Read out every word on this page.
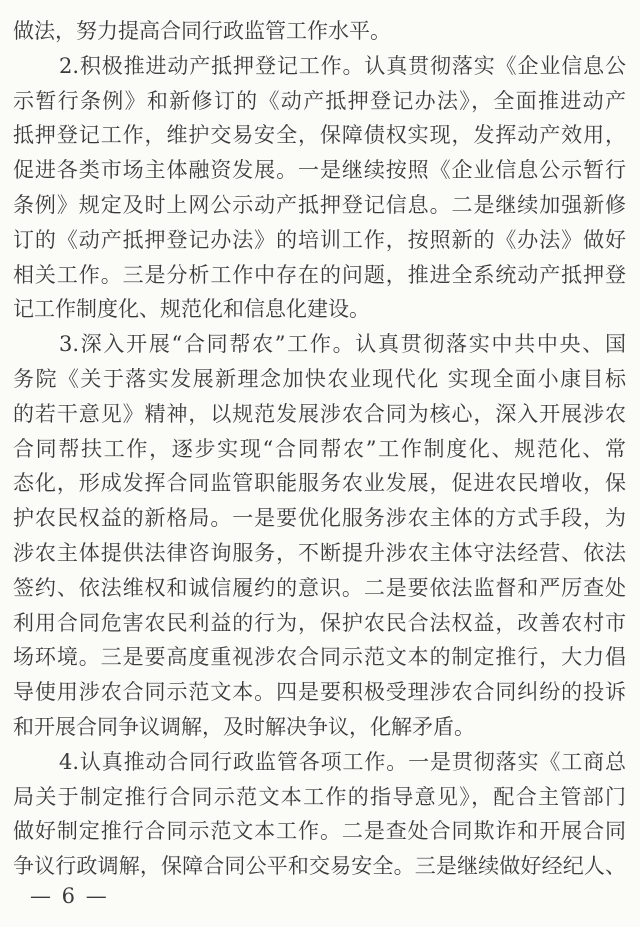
做法，努力提高合同行政监管工作水平。
2.积极推进动产抵押登记工作。认真贯彻落实《企业信息公
示暂行条例》和新修订的《动产抵押登记办法》，全面推进动产
抵押登记工作，维护交易安全，保障债权实现，发挥动产效用，
促进各类市场主体融资发展。一是继续按照《企业信息公示暂行
条例》规定及时上网公示动产抵押登记信息。二是继续加强新修
订的《动产抵押登记办法》的培训工作，按照新的《办法》做好
相关工作。三是分析工作中存在的问题，推进全系统动产抵押登
记工作制度化、规范化和信息化建设。
3.深入开展“合同帮农”工作。认真贯彻落实中共中央、国
务院《关于落实发展新理念加快农业现代化 实现全面小康目标
的若干意见》精神，以规范发展涉农合同为核心，深入开展涉农
合同帮扶工作，逐步实现“合同帮农”工作制度化、规范化、常
态化，形成发挥合同监管职能服务农业发展，促进农民增收，保
护农民权益的新格局。一是要优化服务涉农主体的方式手段，为
涉农主体提供法律咨询服务，不断提升涉农主体守法经营、依法
签约、依法维权和诚信履约的意识。二是要依法监督和严厉查处
利用合同危害农民利益的行为，保护农民合法权益，改善农村市
场环境。三是要高度重视涉农合同示范文本的制定推行，大力倡
导使用涉农合同示范文本。四是要积极受理涉农合同纠纷的投诉
和开展合同争议调解，及时解决争议，化解矛盾。
4.认真推动合同行政监管各项工作。一是贯彻落实《工商总
局关于制定推行合同示范文本工作的指导意见》，配合主管部门
做好制定推行合同示范文本工作。二是查处合同欺诈和开展合同
争议行政调解，保障合同公平和交易安全。三是继续做好经纪人、
— 6 —
